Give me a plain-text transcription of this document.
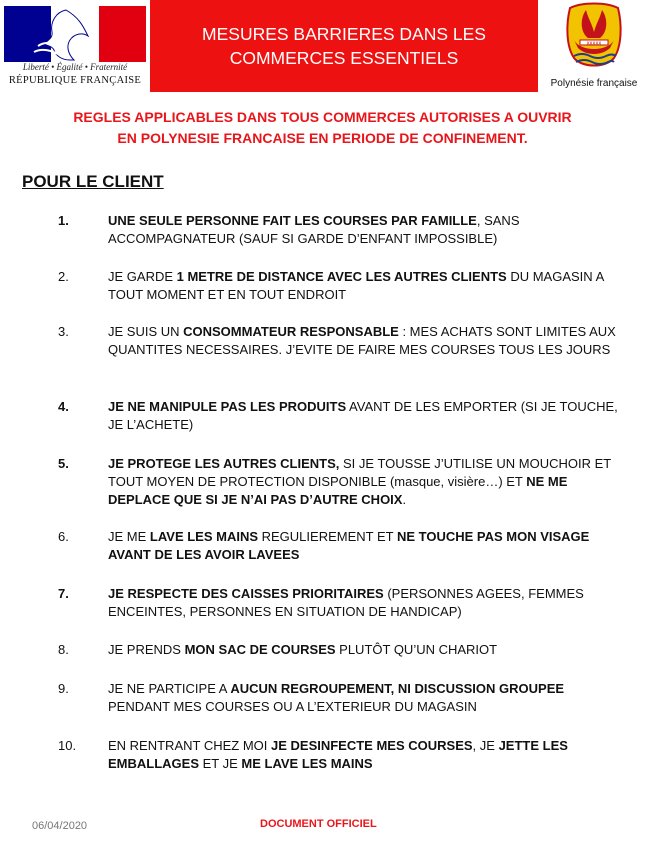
Liberté • Égalité • Fraternité
RÉPUBLIQUE FRANÇAISE
MESURES BARRIERES DANS LES
COMMERCES ESSENTIELS
xxxxx
Polynésie française
REGLES APPLICABLES DANS TOUS COMMERCES AUTORISES A OUVRIR
EN POLYNESIE FRANCAISE EN PERIODE DE CONFINEMENT.
POUR LE CLIENT
1.	UNE SEULE PERSONNE FAIT LES COURSES PAR FAMILLE, SANS ACCOMPAGNATEUR (SAUF SI GARDE D’ENFANT IMPOSSIBLE)
2.	JE GARDE 1 METRE DE DISTANCE AVEC LES AUTRES CLIENTS DU MAGASIN A TOUT MOMENT ET EN TOUT ENDROIT
3.	JE SUIS UN CONSOMMATEUR RESPONSABLE : MES ACHATS SONT LIMITES AUX QUANTITES NECESSAIRES. J’EVITE DE FAIRE MES COURSES TOUS LES JOURS
4.	JE NE MANIPULE PAS LES PRODUITS AVANT DE LES EMPORTER (SI JE TOUCHE, JE L’ACHETE)
5.	JE PROTEGE LES AUTRES CLIENTS, SI JE TOUSSE J’UTILISE UN MOUCHOIR ET TOUT MOYEN DE PROTECTION DISPONIBLE (masque, visière…) ET NE ME DEPLACE QUE SI JE N’AI PAS D’AUTRE CHOIX.
6.	JE ME LAVE LES MAINS REGULIEREMENT ET NE TOUCHE PAS MON VISAGE AVANT DE LES AVOIR LAVEES
7.	JE RESPECTE DES CAISSES PRIORITAIRES (PERSONNES AGEES, FEMMES ENCEINTES, PERSONNES EN SITUATION DE HANDICAP)
8.	JE PRENDS MON SAC DE COURSES PLUTÔT QU’UN CHARIOT
9.	JE NE PARTICIPE A AUCUN REGROUPEMENT, NI DISCUSSION GROUPEE PENDANT MES COURSES OU A L’EXTERIEUR DU MAGASIN
10.	EN RENTRANT CHEZ MOI JE DESINFECTE MES COURSES, JE JETTE LES EMBALLAGES ET JE ME LAVE LES MAINS
06/04/2020	DOCUMENT OFFICIEL
